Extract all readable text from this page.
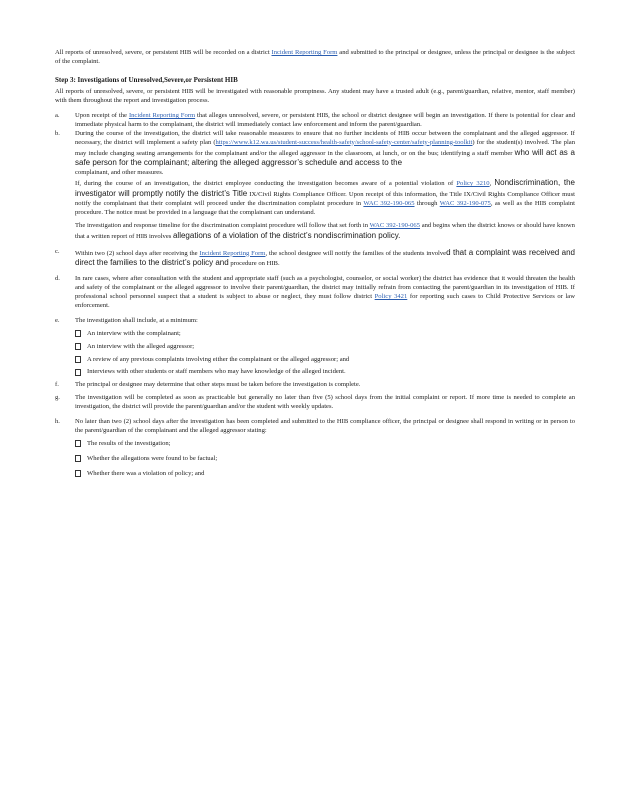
All reports of unresolved, severe, or persistent HIB will be recorded on a district Incident Reporting Form and submitted to the principal or designee, unless the principal or designee is the subject of the complaint.

Step 3: Investigations of Unresolved,Severe,or Persistent HIB

All reports of unresolved, severe, or persistent HIB will be investigated with reasonable promptness. Any student may have a trusted adult (e.g., parent/guardian, relative, mentor, staff member) with them throughout the report and investigation process.

a. Upon receipt of the Incident Reporting Form that alleges unresolved, severe, or persistent HIB, the school or district designee will begin an investigation. If there is potential for clear and immediate physical harm to the complainant, the district will immediately contact law enforcement and inform the parent/guardian.
b. During the course of the investigation, the district will take reasonable measures to ensure that no further incidents of HIB occur between the complainant and the alleged aggressor. If necessary, the district will implement a safety plan (https://www.k12.wa.us/student-success/health-safety/school-safety-center/safety-planning-toolkit) for the student(s) involved. The plan may include changing seating arrangements for the complainant and/or the alleged aggressor in the classroom, at lunch, or on the bus; identifying a staff member who will act as a safe person for the complainant; altering the alleged aggressor’s schedule and access to the
complainant, and other measures.

If, during the course of an investigation, the district employee conducting the investigation becomes aware of a potential violation of Policy 3210, Nondiscrimination, the investigator will promptly notify the district’s Title IX/Civil Rights Compliance Officer. Upon receipt of this information, the Title IX/Civil Rights Compliance Officer must notify the complainant that their complaint will proceed under the discrimination complaint procedure in WAC 392-190-065 through WAC 392-190-075, as well as the HIB complaint procedure. The notice must be provided in a language that the complainant can understand.

The investigation and response timeline for the discrimination complaint procedure will follow that set forth in WAC 392-190-065 and begins when the district knows or should have known that a written report of HIB involves allegations of a violation of the district’s nondiscrimination policy.

c. Within two (2) school days after receiving the Incident Reporting Form, the school designee will notify the families of the students involved that a complaint was received and direct the families to the district’s policy and procedure on HIB.
d. In rare cases, where after consultation with the student and appropriate staff (such as a psychologist, counselor, or social worker) the district has evidence that it would threaten the health and safety of the complainant or the alleged aggressor to involve their parent/guardian, the district may initially refrain from contacting the parent/guardian in its investigation of HIB. If professional school personnel suspect that a student is subject to abuse or neglect, they must follow district Policy 3421 for reporting such cases to Child Protective Services or law enforcement.
e. The investigation shall include, at a minimum:
An interview with the complainant;
An interview with the alleged aggressor;
A review of any previous complaints involving either the complainant or the alleged aggressor; and
Interviews with other students or staff members who may have knowledge of the alleged incident.
f. The principal or designee may determine that other steps must be taken before the investigation is complete.
g. The investigation will be completed as soon as practicable but generally no later than five (5) school days from the initial complaint or report. If more time is needed to complete an investigation, the district will provide the parent/guardian and/or the student with weekly updates.
h. No later than two (2) school days after the investigation has been completed and submitted to the HIB compliance officer, the principal or designee shall respond in writing or in person to the parent/guardian of the complainant and the alleged aggressor stating:
The results of the investigation;
Whether the allegations were found to be factual;
Whether there was a violation of policy; and
